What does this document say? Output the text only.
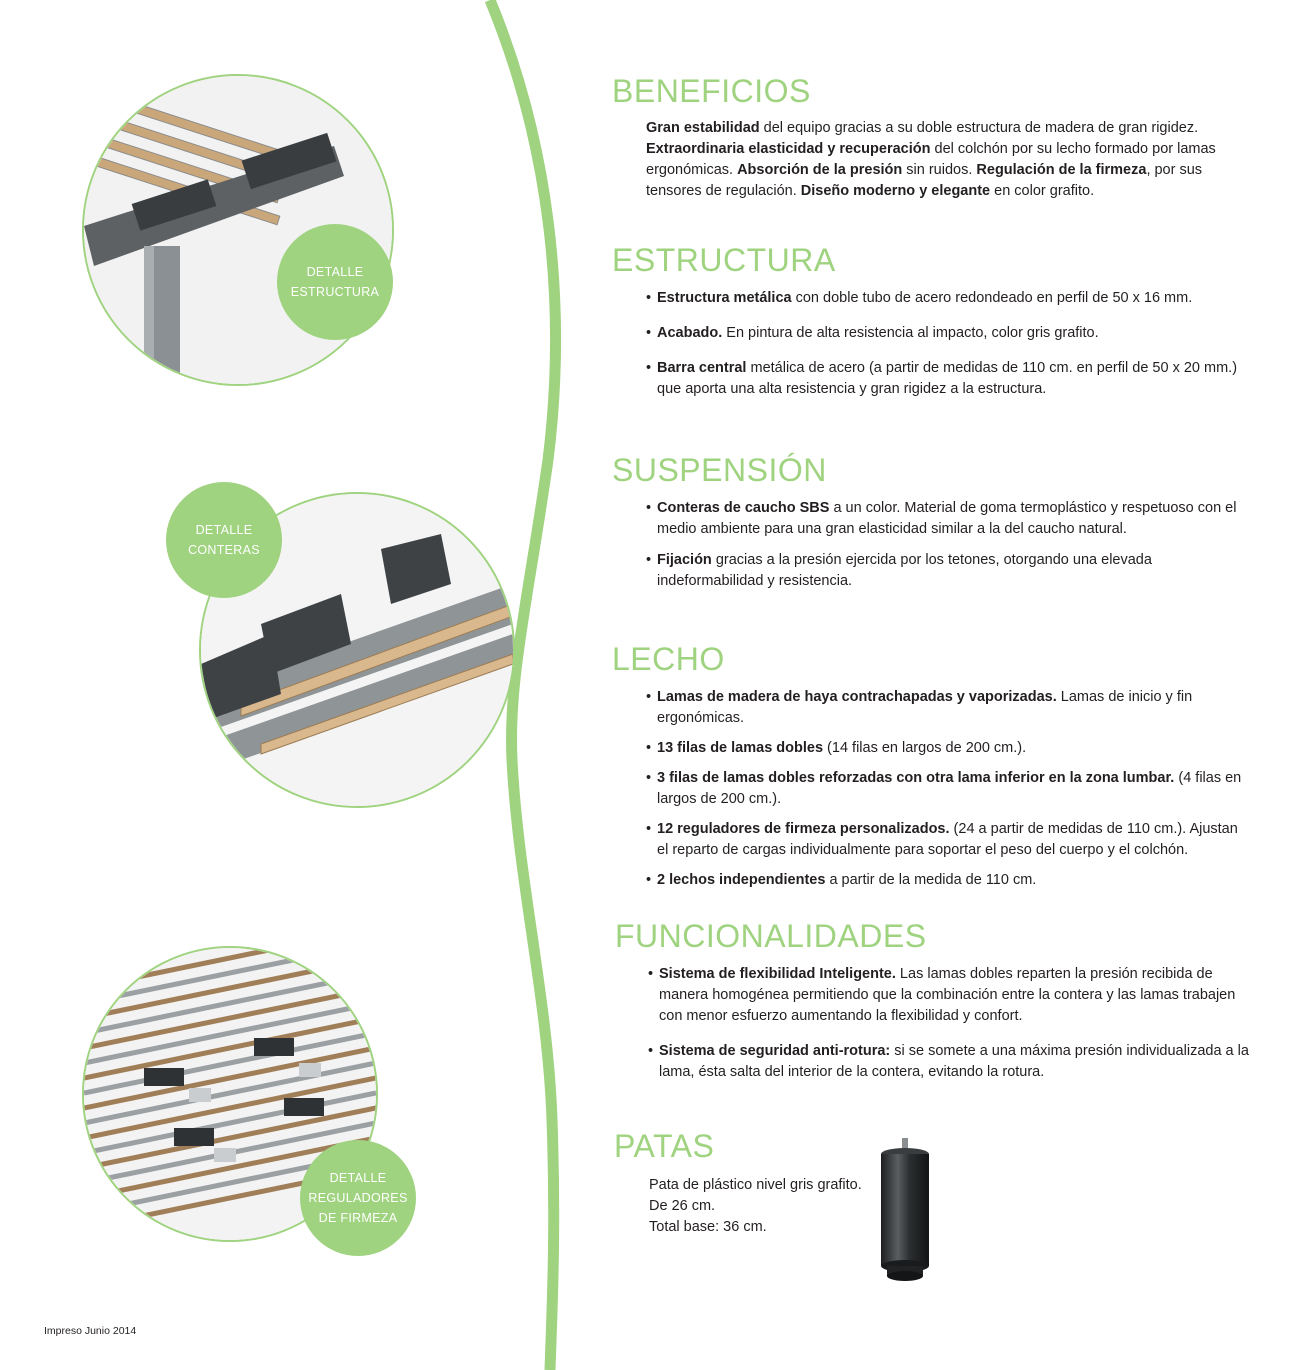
DETALLE
ESTRUCTURA
DETALLE
CONTERAS
DETALLE
REGULADORES
DE FIRMEZA
BENEFICIOS
Gran estabilidad del equipo gracias a su doble estructura de madera de gran rigidez. Extraordinaria elasticidad y recuperación del colchón por su lecho formado por lamas ergonómicas. Absorción de la presión sin ruidos. Regulación de la firmeza, por sus tensores de regulación. Diseño moderno y elegante en color grafito.
ESTRUCTURA
• Estructura metálica con doble tubo de acero redondeado en perfil de 50 x 16 mm.
• Acabado. En pintura de alta resistencia al impacto, color gris grafito.
• Barra central metálica de acero (a partir de medidas de 110 cm. en perfil de 50 x 20 mm.) que aporta una alta resistencia y gran rigidez a la estructura.
SUSPENSIÓN
• Conteras de caucho SBS a un color. Material de goma termoplástico y respetuoso con el medio ambiente para una gran elasticidad similar a la del caucho natural.
• Fijación gracias a la presión ejercida por los tetones, otorgando una elevada indeformabilidad y resistencia.
LECHO
• Lamas de madera de haya contrachapadas y vaporizadas. Lamas de inicio y fin ergonómicas.
• 13 filas de lamas dobles (14 filas en largos de 200 cm.).
• 3 filas de lamas dobles reforzadas con otra lama inferior en la zona lumbar. (4 filas en largos de 200 cm.).
• 12 reguladores de firmeza personalizados. (24 a partir de medidas de 110 cm.). Ajustan el reparto de cargas individualmente para soportar el peso del cuerpo y el colchón.
• 2 lechos independientes a partir de la medida de 110 cm.
FUNCIONALIDADES
• Sistema de flexibilidad Inteligente. Las lamas dobles reparten la presión recibida de manera homogénea permitiendo que la combinación entre la contera y las lamas trabajen con menor esfuerzo aumentando la flexibilidad y confort.
• Sistema de seguridad anti-rotura: si se somete a una máxima presión individualizada a la lama, ésta salta del interior de la contera, evitando la rotura.
PATAS

Pata de plástico nivel gris grafito.

De 26 cm.

Total base: 36 cm.

Impreso Junio 2014
